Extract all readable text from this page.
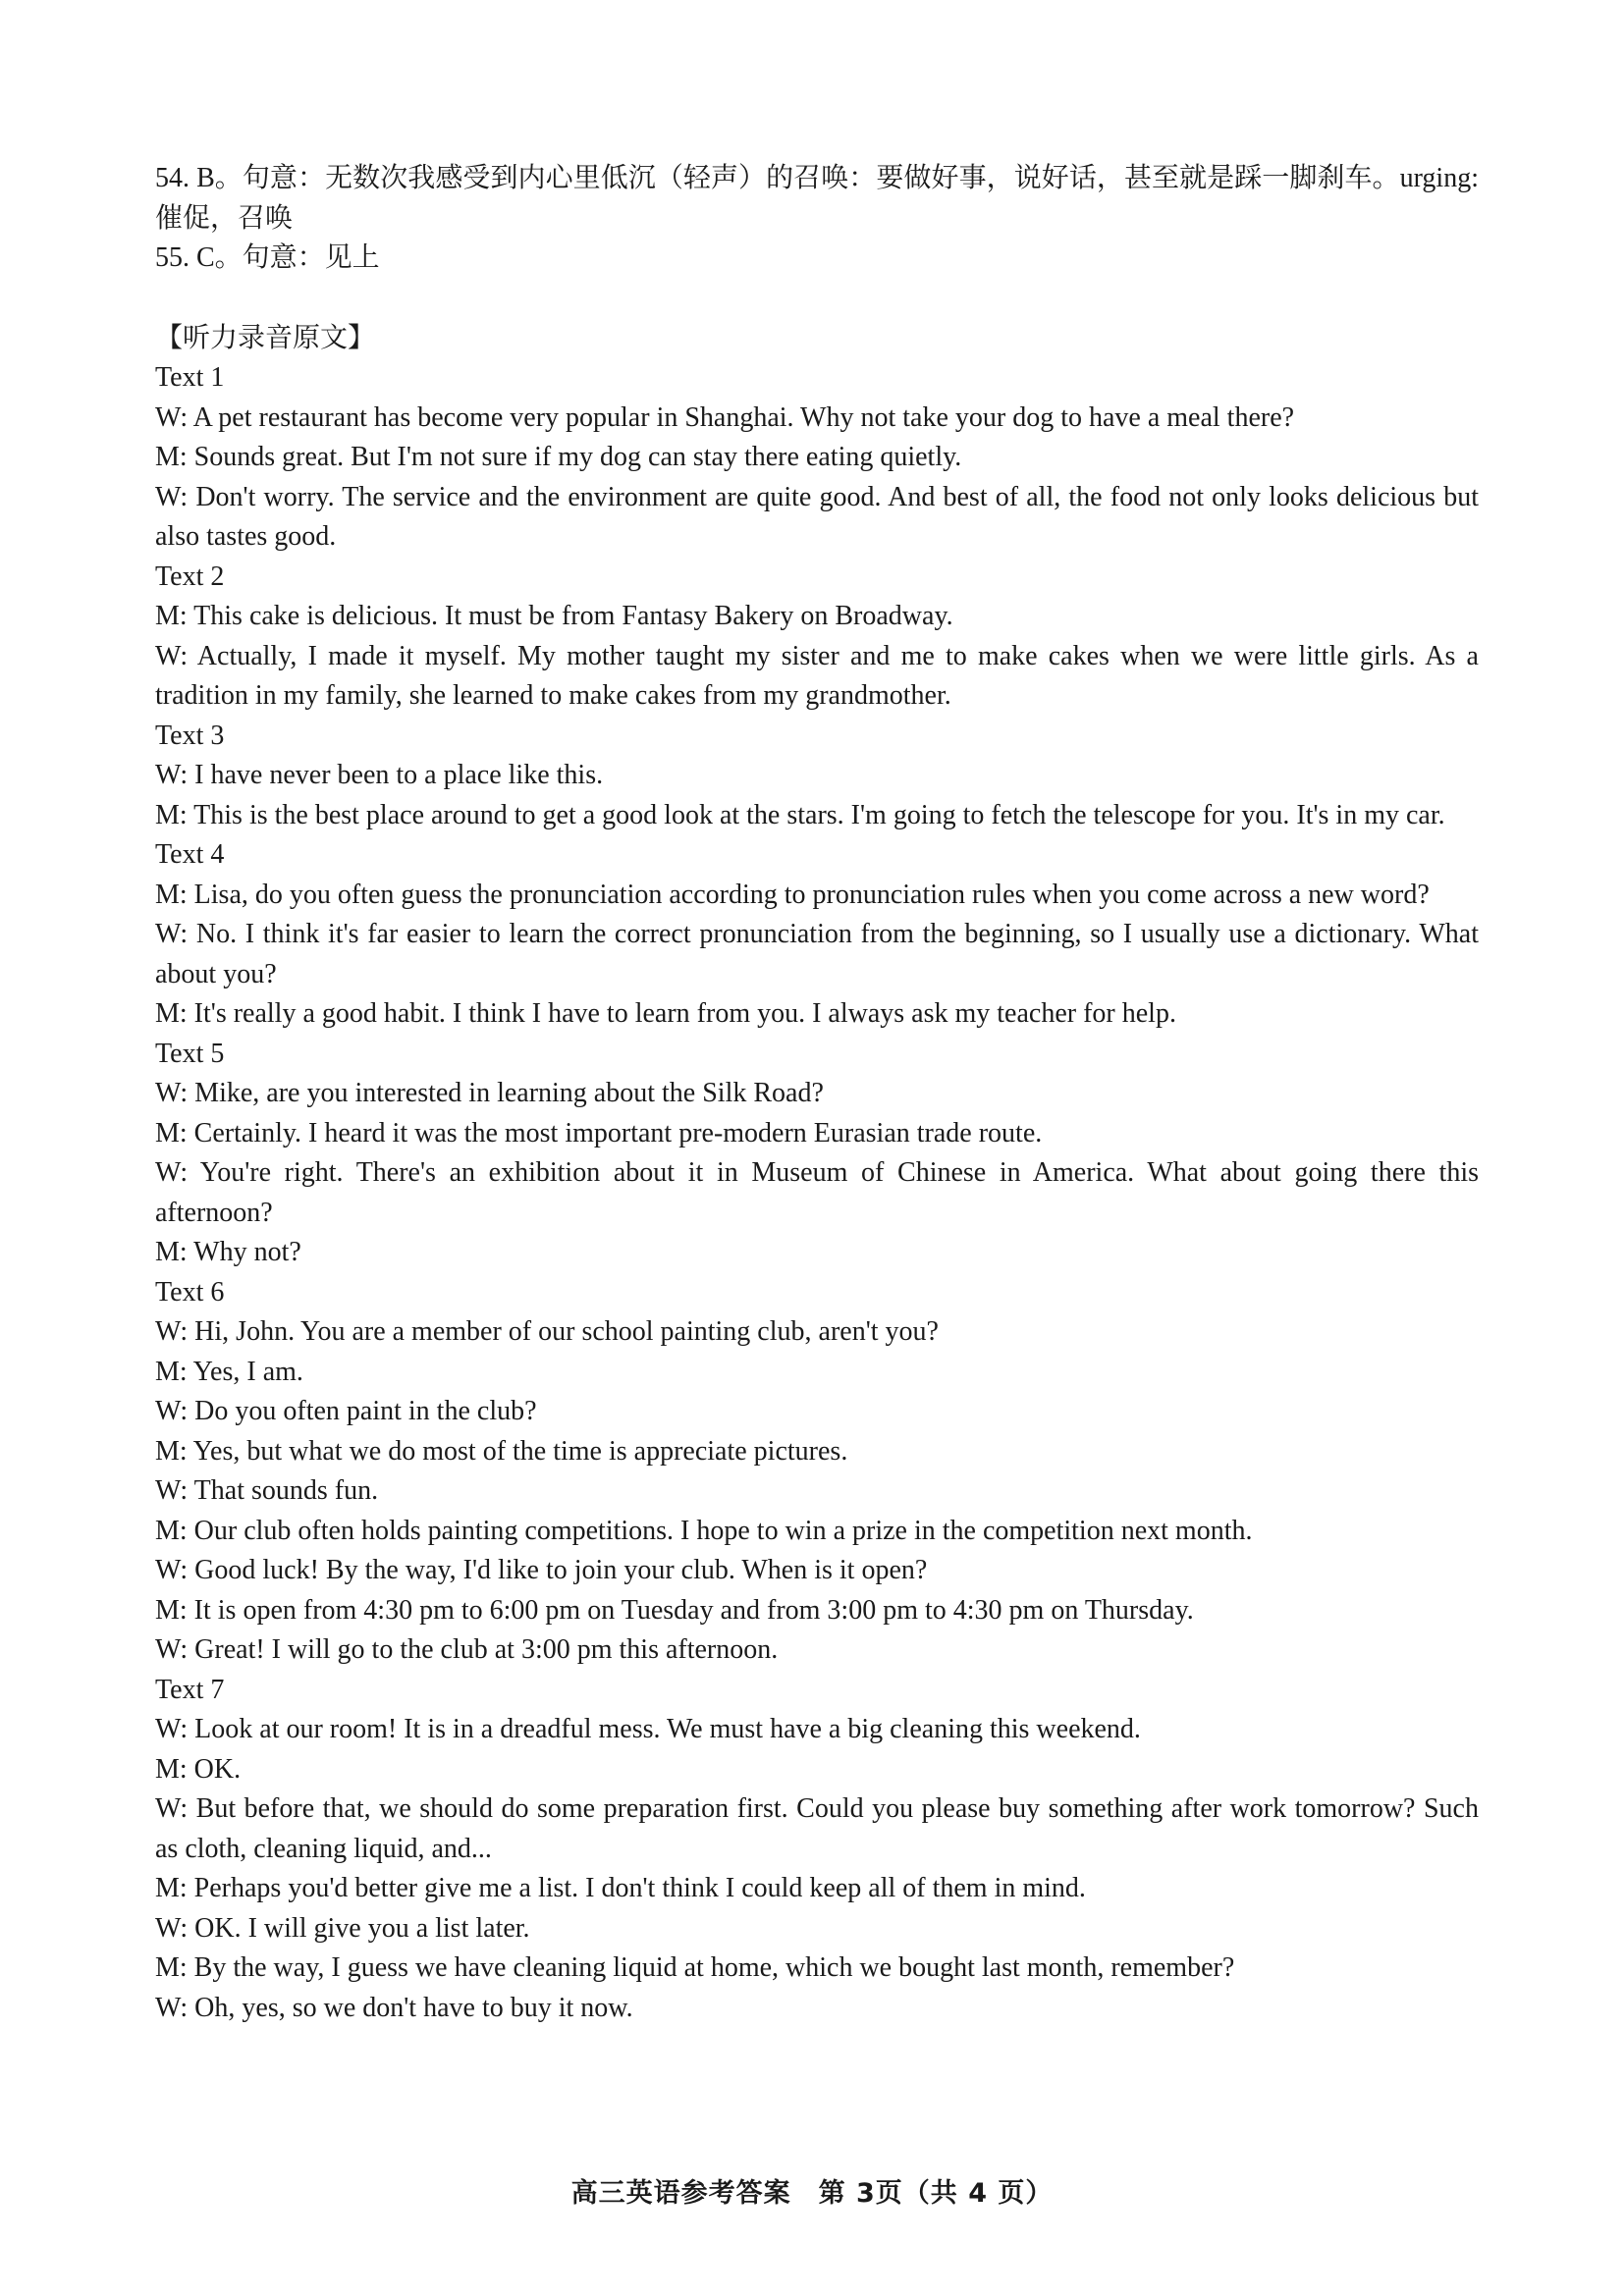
54. B。句意：无数次我感受到内心里低沉（轻声）的召唤：要做好事，说好话，甚至就是踩一脚刹车。urging: 催促，召唤

55. C。句意：见上

【听力录音原文】

Text 1

W: A pet restaurant has become very popular in Shanghai. Why not take your dog to have a meal there?

M: Sounds great. But I'm not sure if my dog can stay there eating quietly.

W: Don't worry. The service and the environment are quite good. And best of all, the food not only looks delicious but also tastes good.

Text 2

M: This cake is delicious. It must be from Fantasy Bakery on Broadway.

W: Actually, I made it myself. My mother taught my sister and me to make cakes when we were little girls. As a tradition in my family, she learned to make cakes from my grandmother.

Text 3

W: I have never been to a place like this.

M: This is the best place around to get a good look at the stars. I'm going to fetch the telescope for you. It's in my car.

Text 4

M: Lisa, do you often guess the pronunciation according to pronunciation rules when you come across a new word?

W: No. I think it's far easier to learn the correct pronunciation from the beginning, so I usually use a dictionary. What about you?

M: It's really a good habit. I think I have to learn from you. I always ask my teacher for help.

Text 5

W: Mike, are you interested in learning about the Silk Road?

M: Certainly. I heard it was the most important pre-modern Eurasian trade route.

W: You're right. There's an exhibition about it in Museum of Chinese in America. What about going there this afternoon?

M: Why not?

Text 6

W: Hi, John. You are a member of our school painting club, aren't you?

M: Yes, I am.

W: Do you often paint in the club?

M: Yes, but what we do most of the time is appreciate pictures.

W: That sounds fun.

M: Our club often holds painting competitions. I hope to win a prize in the competition next month.

W: Good luck! By the way, I'd like to join your club. When is it open?

M: It is open from 4:30 pm to 6:00 pm on Tuesday and from 3:00 pm to 4:30 pm on Thursday.

W: Great! I will go to the club at 3:00 pm this afternoon.

Text 7

W: Look at our room! It is in a dreadful mess. We must have a big cleaning this weekend.

M: OK.

W: But before that, we should do some preparation first. Could you please buy something after work tomorrow? Such as cloth, cleaning liquid, and...

M: Perhaps you'd better give me a list. I don't think I could keep all of them in mind.

W: OK. I will give you a list later.

M: By the way, I guess we have cleaning liquid at home, which we bought last month, remember?

W: Oh, yes, so we don't have to buy it now.

高三英语参考答案　第 3页（共 4 页）
